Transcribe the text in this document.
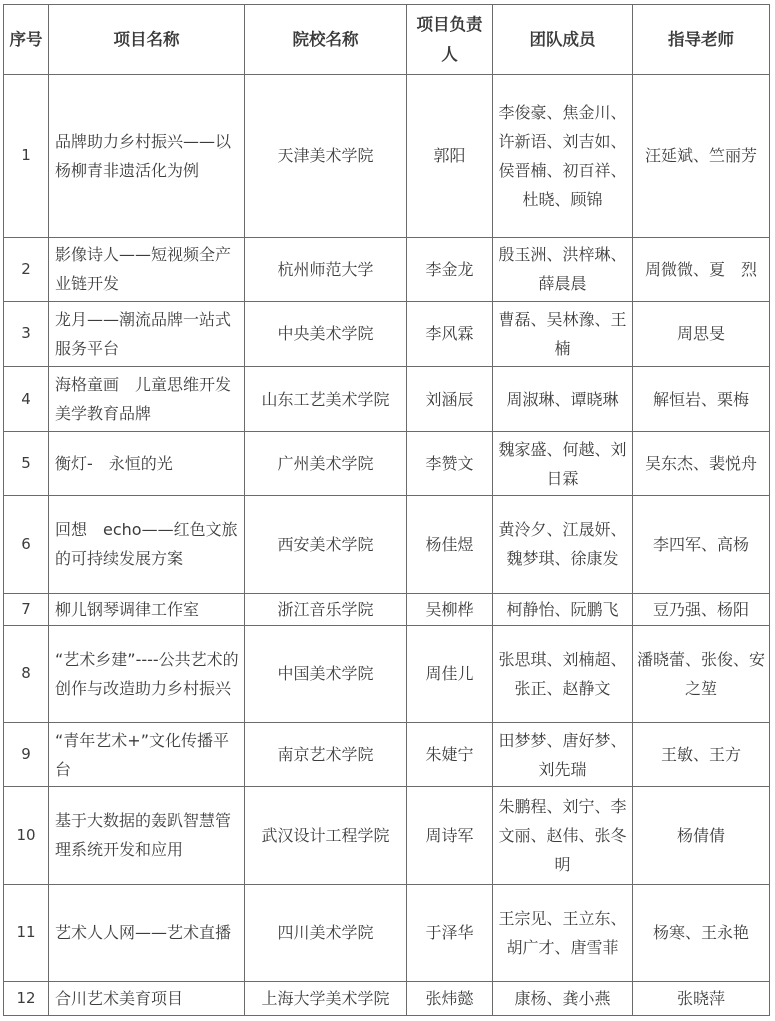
序号	项目名称	院校名称	项目负责人	团队成员	指导老师
1	品牌助力乡村振兴——以杨柳青非遗活化为例	天津美术学院	郭阳	李俊豪、焦金川、许新语、刘吉如、侯晋楠、初百祥、杜晓、顾锦	汪延斌、竺丽芳
2	影像诗人——短视频全产业链开发	杭州师范大学	李金龙	殷玉洲、洪梓琳、薛晨晨	周微微、夏　烈
3	龙月——潮流品牌一站式服务平台	中央美术学院	李风霖	曹磊、吴林豫、王楠	周思旻
4	海格童画　儿童思维开发美学教育品牌	山东工艺美术学院	刘涵辰	周淑琳、谭晓琳	解恒岩、栗梅
5	衡灯-　永恒的光	广州美术学院	李赞文	魏家盛、何越、刘日霖	吴东杰、裴悦舟
6	回想　echo——红色文旅的可持续发展方案	西安美术学院	杨佳煜	黄泠夕、江晟妍、魏梦琪、徐康发	李四军、高杨
7	柳儿钢琴调律工作室	浙江音乐学院	吴柳桦	柯静怡、阮鹏飞	豆乃强、杨阳
8	“艺术乡建”----公共艺术的创作与改造助力乡村振兴	中国美术学院	周佳儿	张思琪、刘楠超、张正、赵静文	潘晓蕾、张俊、安之堃
9	“青年艺术+”文化传播平台	南京艺术学院	朱婕宁	田梦梦、唐好梦、刘先瑞	王敏、王方
10	基于大数据的轰趴智慧管理系统开发和应用	武汉设计工程学院	周诗军	朱鹏程、刘宁、李文丽、赵伟、张冬明	杨倩倩
11	艺术人人网——艺术直播	四川美术学院	于泽华	王宗见、王立东、胡广才、唐雪菲	杨寒、王永艳
12	合川艺术美育项目	上海大学美术学院	张炜懿	康杨、龚小燕	张晓萍
